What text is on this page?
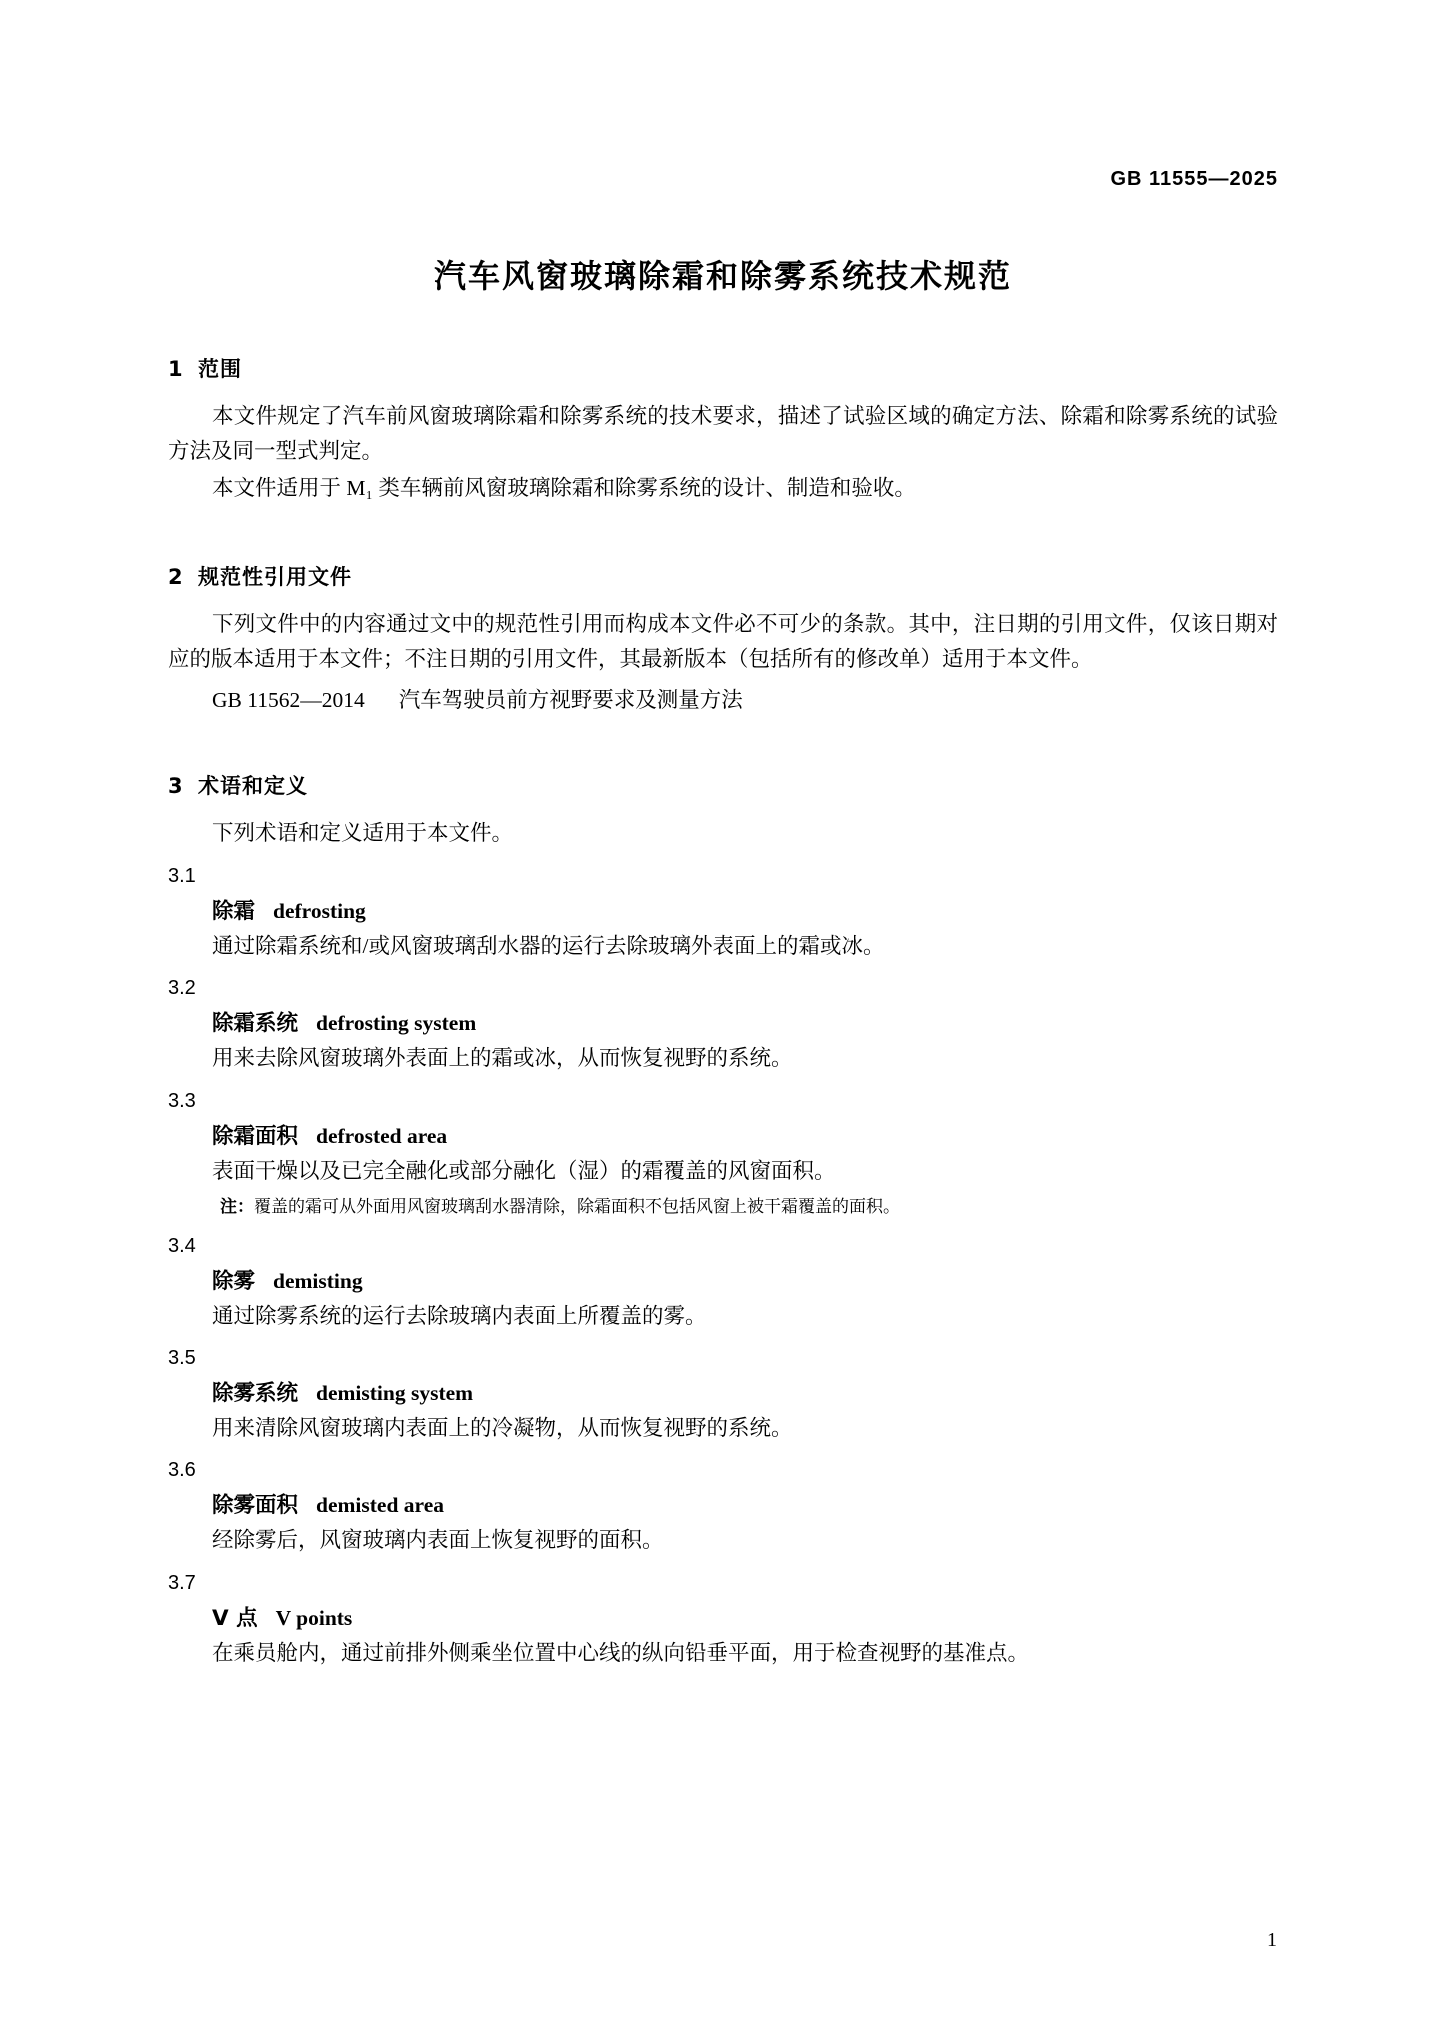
GB 11555—2025
汽车风窗玻璃除霜和除雾系统技术规范
1 范围

本文件规定了汽车前风窗玻璃除霜和除雾系统的技术要求，描述了试验区域的确定方法、除霜和除雾系统的试验方法及同一型式判定。

本文件适用于 M₁ 类车辆前风窗玻璃除霜和除雾系统的设计、制造和验收。

2 规范性引用文件

下列文件中的内容通过文中的规范性引用而构成本文件必不可少的条款。其中，注日期的引用文件，仅该日期对应的版本适用于本文件；不注日期的引用文件，其最新版本（包括所有的修改单）适用于本文件。

GB 11562—2014 汽车驾驶员前方视野要求及测量方法
3 术语和定义

下列术语和定义适用于本文件。

3.1
除霜 defrosting
通过除霜系统和/或风窗玻璃刮水器的运行去除玻璃外表面上的霜或冰。
3.2
除霜系统 defrosting system
用来去除风窗玻璃外表面上的霜或冰，从而恢复视野的系统。
3.3
除霜面积 defrosted area
表面干燥以及已完全融化或部分融化（湿）的霜覆盖的风窗面积。
注：覆盖的霜可从外面用风窗玻璃刮水器清除，除霜面积不包括风窗上被干霜覆盖的面积。
3.4
除雾 demisting
通过除雾系统的运行去除玻璃内表面上所覆盖的雾。
3.5
除雾系统 demisting system
用来清除风窗玻璃内表面上的冷凝物，从而恢复视野的系统。
3.6
除雾面积 demisted area
经除雾后，风窗玻璃内表面上恢复视野的面积。
3.7
V 点 V points
在乘员舱内，通过前排外侧乘坐位置中心线的纵向铅垂平面，用于检查视野的基准点。
1
